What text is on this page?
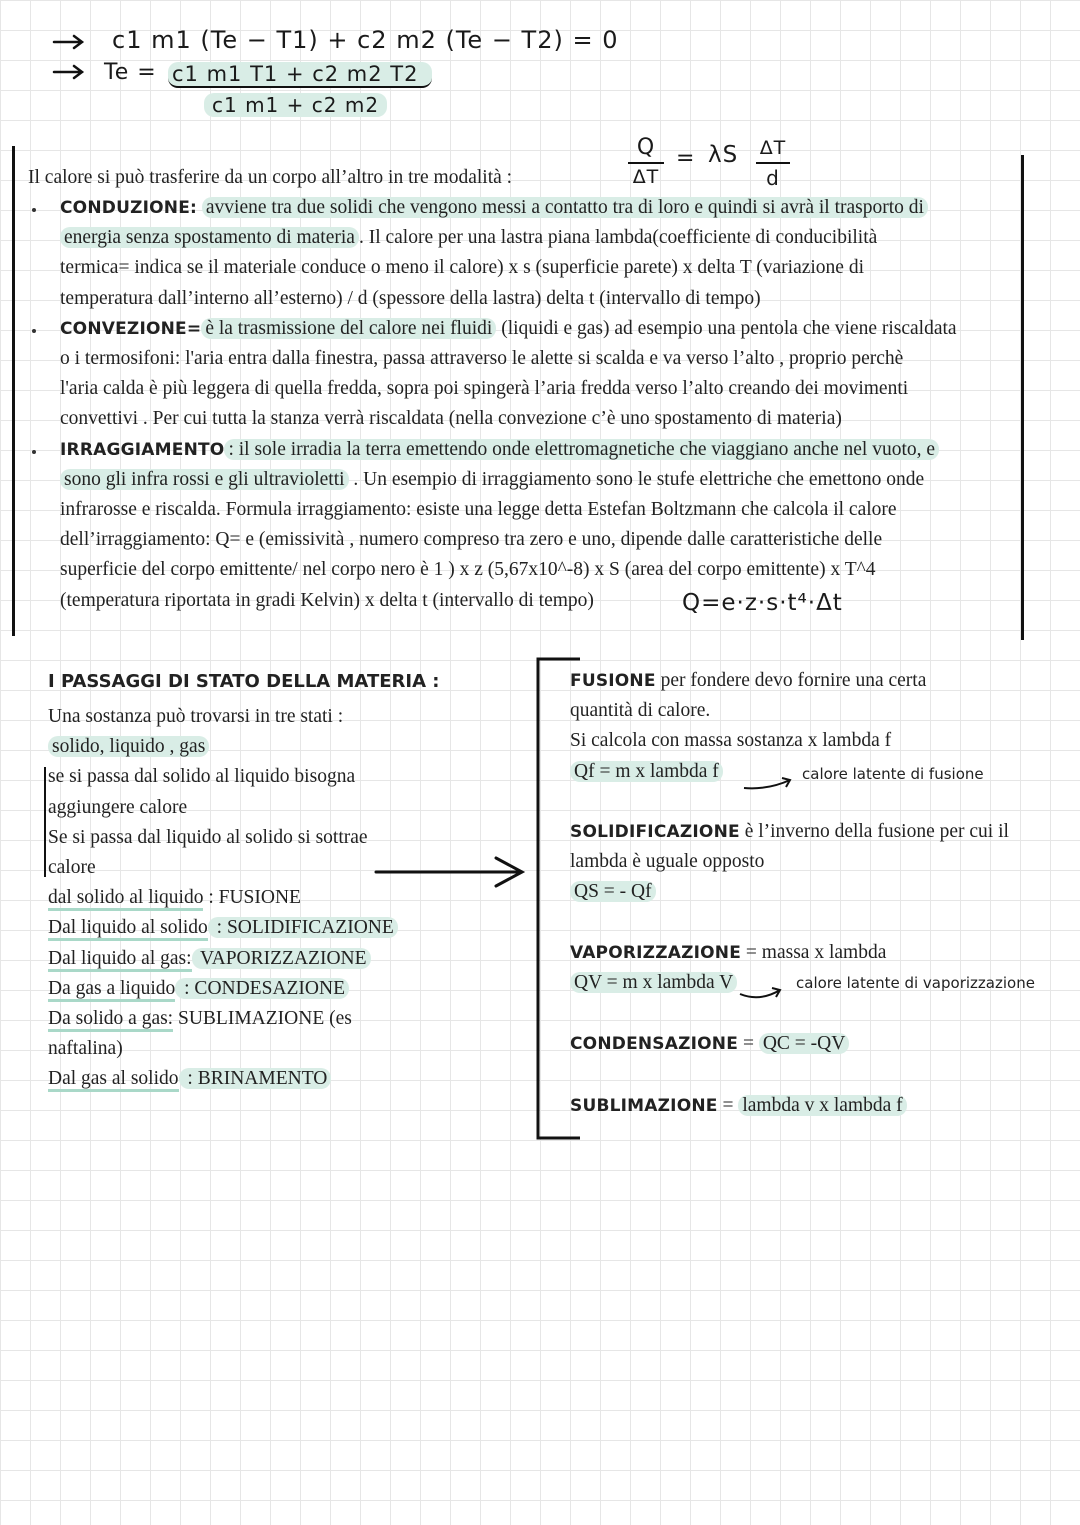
c1 m1 (Te − T1) + c2 m2 (Te − T2) = 0
Te = c1 m1 T1 + c2 m2 T2
c1 m1 + c2 m2
Q
ΔT
= λS ΔT
d
Il calore si può trasferire da un corpo all’altro in tre modalità :
CONDUZIONE: avviene tra due solidi che vengono messi a contatto tra di loro e quindi si avrà il trasporto di
energia senza spostamento di materia . Il calore per una lastra piana lambda(coefficiente di conducibilità
termica= indica se il materiale conduce o meno il calore) x s (superficie parete) x delta T (variazione di
temperatura dall’interno all’esterno) / d (spessore della lastra) delta t (intervallo di tempo)
CONVEZIONE= è la trasmissione del calore nei fluidi (liquidi e gas) ad esempio una pentola che viene riscaldata
o i termosifoni: l'aria entra dalla finestra, passa attraverso le alette si scalda e va verso l’alto , proprio perchè
l'aria calda è più leggera di quella fredda, sopra poi spingerà l’aria fredda verso l’alto creando dei movimenti
convettivi . Per cui tutta la stanza verrà riscaldata (nella convezione c’è uno spostamento di materia)
IRRAGGIAMENTO : il sole irradia la terra emettendo onde elettromagnetiche che viaggiano anche nel vuoto, e
sono gli infra rossi e gli ultravioletti . Un esempio di irraggiamento sono le stufe elettriche che emettono onde
infrarosse e riscalda. Formula irraggiamento: esiste una legge detta Estefan Boltzmann che calcola il calore
dell’irraggiamento: Q= e (emissività , numero compreso tra zero e uno, dipende dalle caratteristiche delle
superficie del corpo emittente/ nel corpo nero è 1 ) x z (5,67x10^-8) x S (area del corpo emittente) x T^4
(temperatura riportata in gradi Kelvin) x delta t (intervallo di tempo)	Q=e·z·s·t⁴·Δt
I PASSAGGI DI STATO DELLA MATERIA :
Una sostanza può trovarsi in tre stati :
solido, liquido , gas
se si passa dal solido al liquido bisogna
aggiungere calore
Se si passa dal liquido al solido si sottrae
calore
dal solido al liquido : FUSIONE
Dal liquido al solido : SOLIDIFICAZIONE
Dal liquido al gas: VAPORIZZAZIONE
Da gas a liquido : CONDESAZIONE
Da solido a gas: SUBLIMAZIONE (es
naftalina)
Dal gas al solido : BRINAMENTO
FUSIONE per fondere devo fornire una certa
quantità di calore.
Si calcola con massa sostanza x lambda f
Qf = m x lambda f	calore latente di fusione
SOLIDIFICAZIONE è l’inverno della fusione per cui il
lambda è uguale opposto
QS = - Qf
VAPORIZZAZIONE = massa x lambda
QV = m x lambda V	calore latente di vaporizzazione
CONDENSAZIONE = QC = -QV
SUBLIMAZIONE = lambda v x lambda f
